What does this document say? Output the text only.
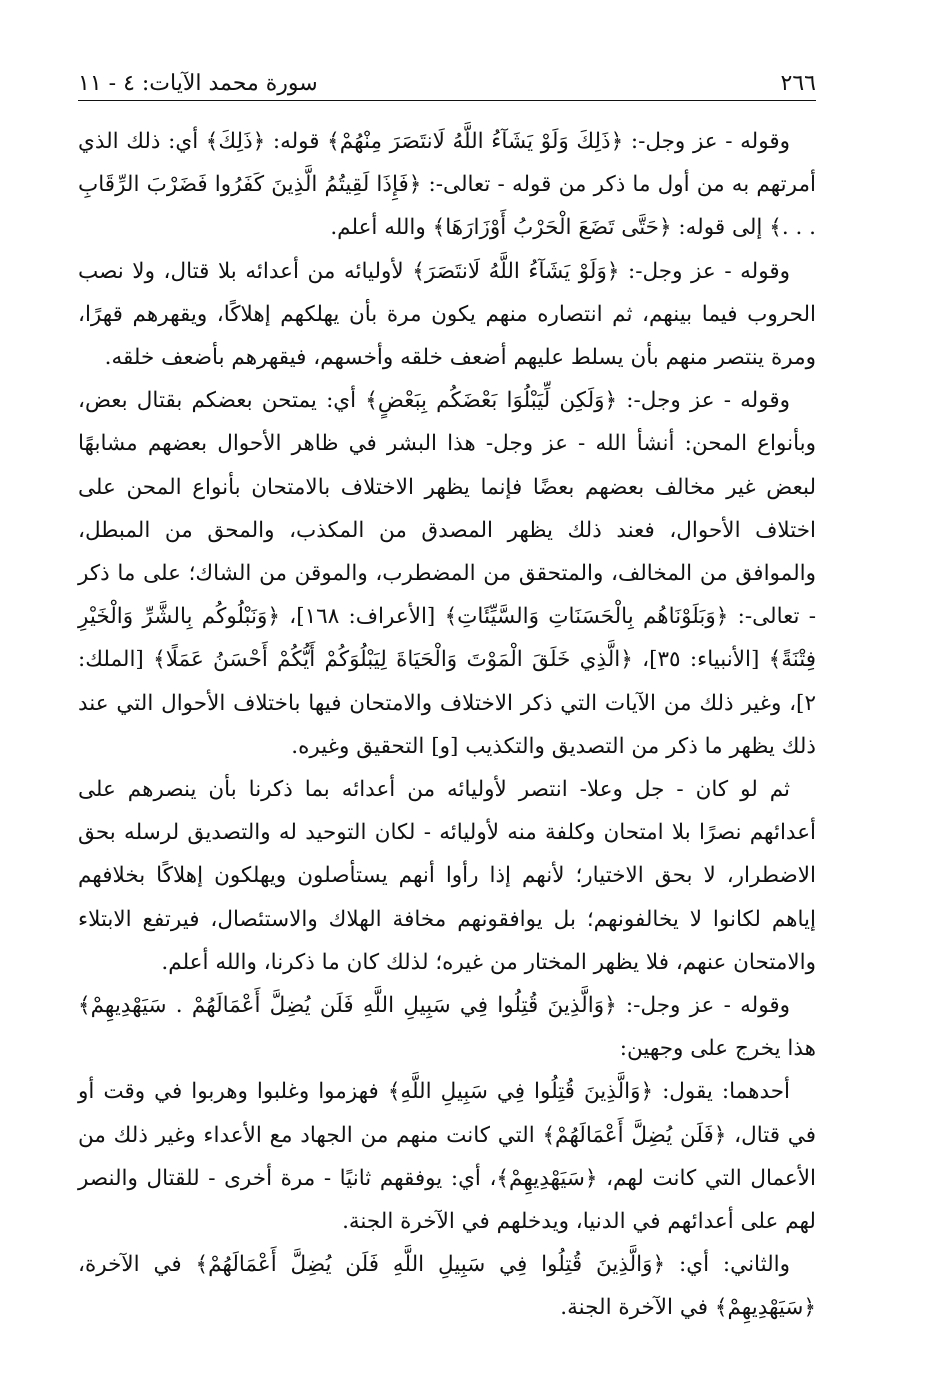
٢٦٦
سورة محمد الآيات: ٤ - ١١

وقوله - عز وجل-: ﴿ذَلِكَ وَلَوْ يَشَآءُ اللَّهُ لَانتَصَرَ مِنْهُمْ﴾ قوله: ﴿ذَلِكَ﴾ أي: ذلك الذي أمرتهم به من أول ما ذكر من قوله - تعالى-: ﴿فَإِذَا لَقِيتُمُ الَّذِينَ كَفَرُوا فَضَرْبَ الرِّقَابِ . . .﴾ إلى قوله: ﴿حَتَّى تَضَعَ الْحَرْبُ أَوْزَارَهَا﴾ والله أعلم.

وقوله - عز وجل-: ﴿وَلَوْ يَشَآءُ اللَّهُ لَانتَصَرَ﴾ لأوليائه من أعدائه بلا قتال، ولا نصب الحروب فيما بينهم، ثم انتصاره منهم يكون مرة بأن يهلكهم إهلاكًا، ويقهرهم قهرًا، ومرة ينتصر منهم بأن يسلط عليهم أضعف خلقه وأخسهم، فيقهرهم بأضعف خلقه.

وقوله - عز وجل-: ﴿وَلَكِن لِّيَبْلُوَا بَعْضَكُم بِبَعْضٍ﴾ أي: يمتحن بعضكم بقتال بعض، وبأنواع المحن: أنشأ الله - عز وجل- هذا البشر في ظاهر الأحوال بعضهم مشابهًا لبعض غير مخالف بعضهم بعضًا فإنما يظهر الاختلاف بالامتحان بأنواع المحن على اختلاف الأحوال، فعند ذلك يظهر المصدق من المكذب، والمحق من المبطل، والموافق من المخالف، والمتحقق من المضطرب، والموقن من الشاك؛ على ما ذكر - تعالى-: ﴿وَبَلَوْنَاهُم بِالْحَسَنَاتِ وَالسَّيِّئَاتِ﴾ [الأعراف: ١٦٨]، ﴿وَنَبْلُوكُم بِالشَّرِّ وَالْخَيْرِ فِتْنَةً﴾ [الأنبياء: ٣٥]، ﴿الَّذِي خَلَقَ الْمَوْتَ وَالْحَيَاةَ لِيَبْلُوَكُمْ أَيُّكُمْ أَحْسَنُ عَمَلًا﴾ [الملك: ٢]، وغير ذلك من الآيات التي ذكر الاختلاف والامتحان فيها باختلاف الأحوال التي عند ذلك يظهر ما ذكر من التصديق والتكذيب [و] التحقيق وغيره.

ثم لو كان - جل وعلا- انتصر لأوليائه من أعدائه بما ذكرنا بأن ينصرهم على أعدائهم نصرًا بلا امتحان وكلفة منه لأوليائه - لكان التوحيد له والتصديق لرسله بحق الاضطرار، لا بحق الاختيار؛ لأنهم إذا رأوا أنهم يستأصلون ويهلكون إهلاكًا بخلافهم إياهم لكانوا لا يخالفونهم؛ بل يوافقونهم مخافة الهلاك والاستئصال، فيرتفع الابتلاء والامتحان عنهم، فلا يظهر المختار من غيره؛ لذلك كان ما ذكرنا، والله أعلم.

وقوله - عز وجل-: ﴿وَالَّذِينَ قُتِلُوا فِي سَبِيلِ اللَّهِ فَلَن يُضِلَّ أَعْمَالَهُمْ . سَيَهْدِيهِمْ﴾ هذا يخرج على وجهين:

أحدهما: يقول: ﴿وَالَّذِينَ قُتِلُوا فِي سَبِيلِ اللَّهِ﴾ فهزموا وغلبوا وهربوا في وقت أو في قتال، ﴿فَلَن يُضِلَّ أَعْمَالَهُمْ﴾ التي كانت منهم من الجهاد مع الأعداء وغير ذلك من الأعمال التي كانت لهم، ﴿سَيَهْدِيهِمْ﴾، أي: يوفقهم ثانيًا - مرة أخرى - للقتال والنصر لهم على أعدائهم في الدنيا، ويدخلهم في الآخرة الجنة.

والثاني: أي: ﴿وَالَّذِينَ قُتِلُوا فِي سَبِيلِ اللَّهِ فَلَن يُضِلَّ أَعْمَالَهُمْ﴾ في الآخرة، ﴿سَيَهْدِيهِمْ﴾ في الآخرة الجنة.
